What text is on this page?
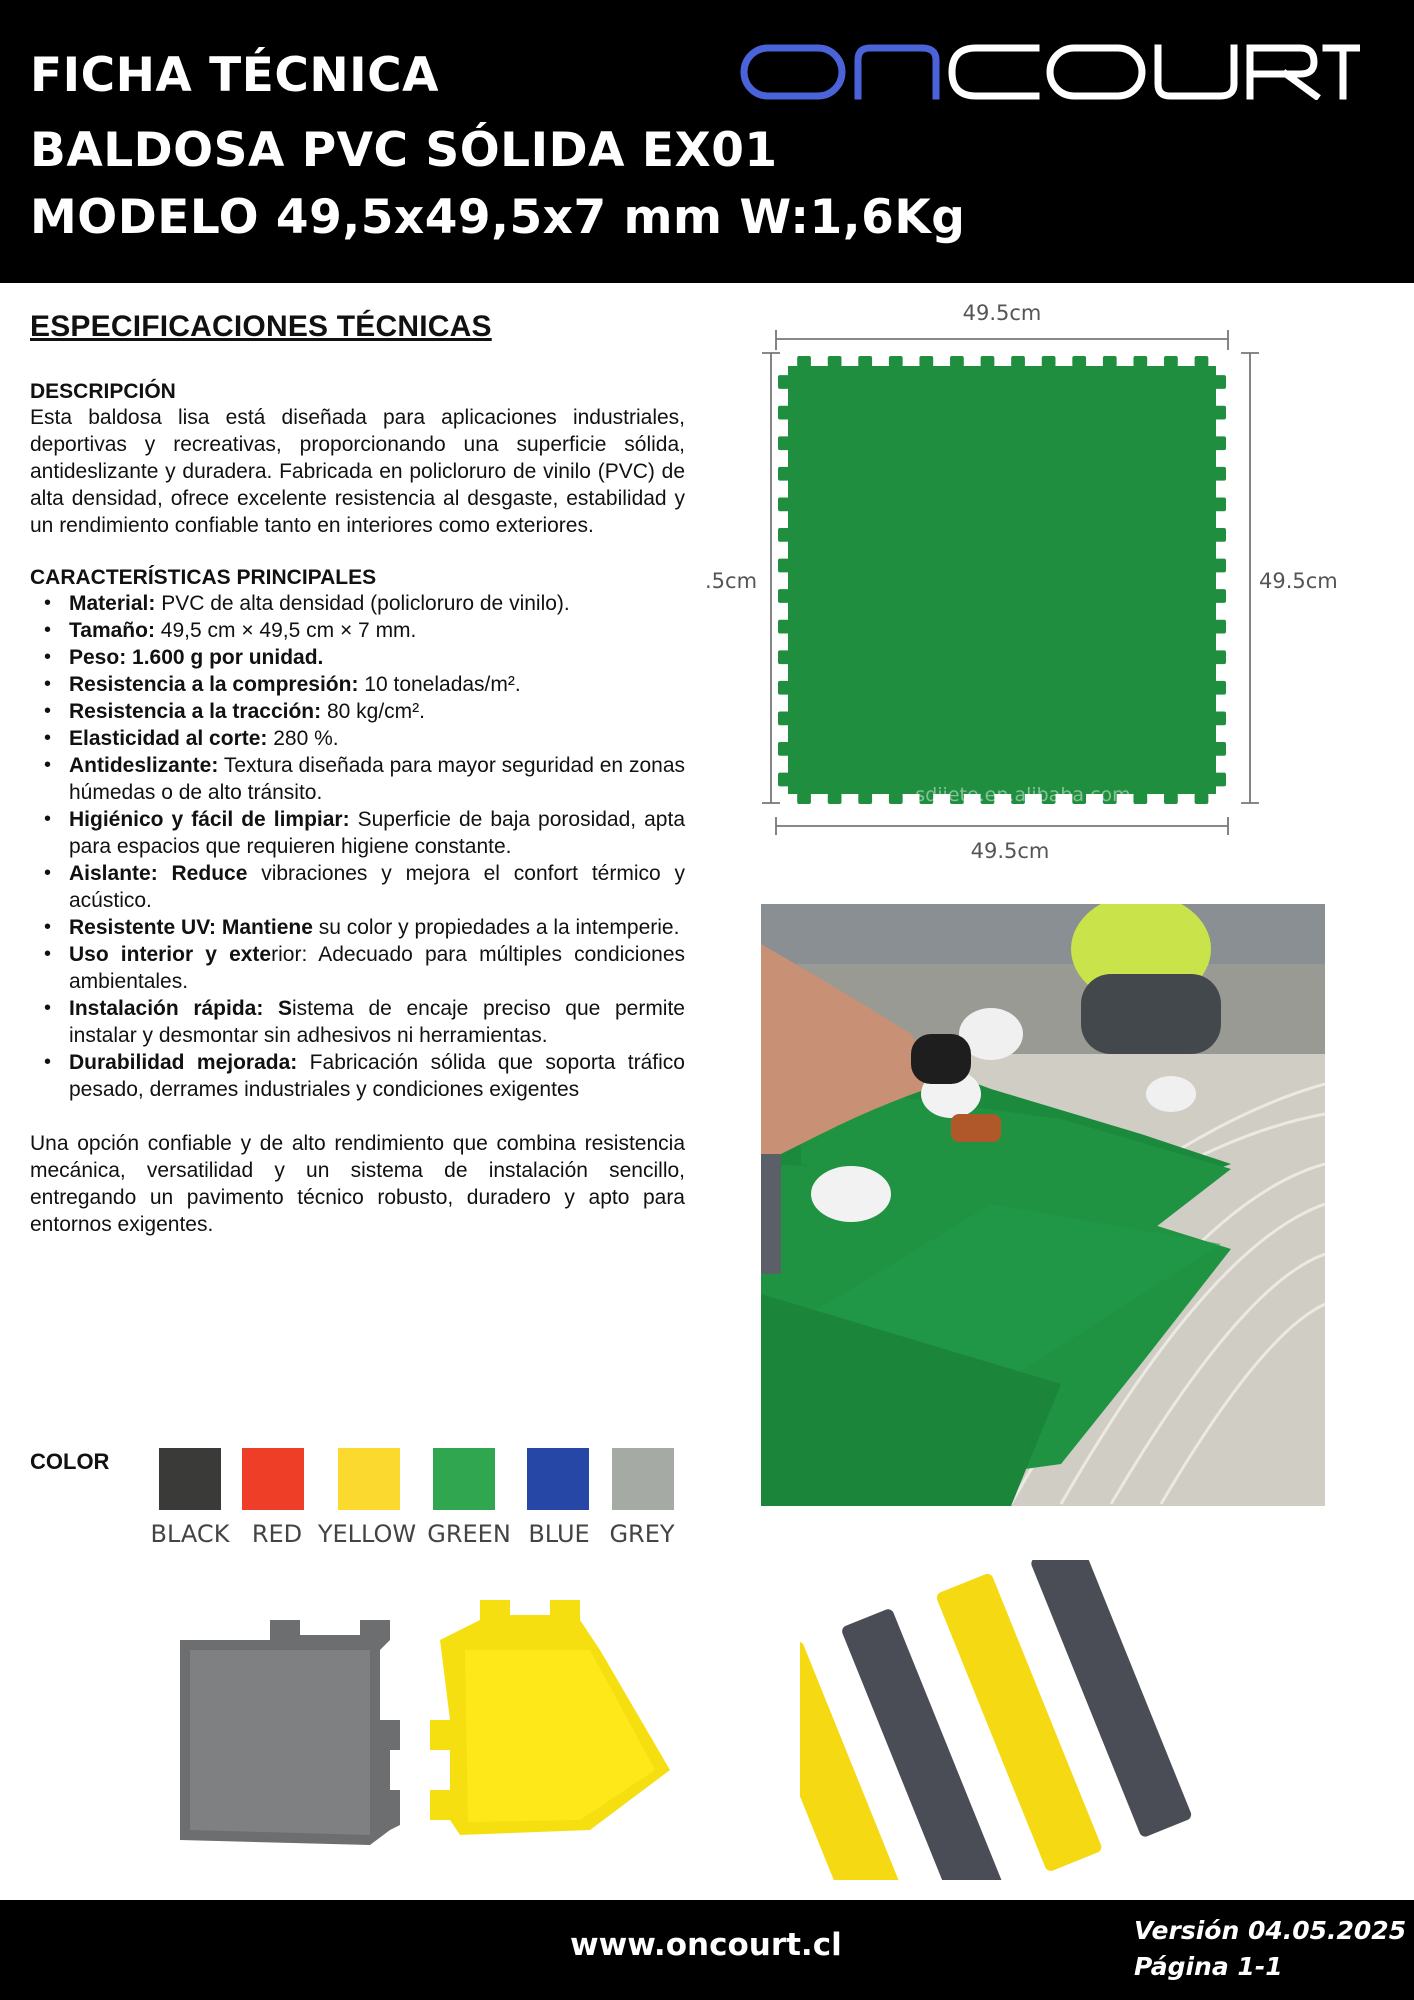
FICHA TÉCNICA
BALDOSA PVC SÓLIDA EX01
MODELO 49,5x49,5x7 mm W:1,6Kg
ESPECIFICACIONES TÉCNICAS
DESCRIPCIÓN
Esta baldosa lisa está diseñada para aplicaciones industriales, deportivas y recreativas, proporcionando una superficie sólida, antideslizante y duradera. Fabricada en policloruro de vinilo (PVC) de alta densidad, ofrece excelente resistencia al desgaste, estabilidad y un rendimiento confiable tanto en interiores como exteriores.
CARACTERÍSTICAS PRINCIPALES
• Material: PVC de alta densidad (policloruro de vinilo).
• Tamaño: 49,5 cm × 49,5 cm × 7 mm.
• Peso: 1.600 g por unidad.
• Resistencia a la compresión: 10 toneladas/m².
• Resistencia a la tracción: 80 kg/cm².
• Elasticidad al corte: 280 %.
• Antideslizante: Textura diseñada para mayor seguridad en zonas húmedas o de alto tránsito.
• Higiénico y fácil de limpiar: Superficie de baja porosidad, apta para espacios que requieren higiene constante.
• Aislante: Reduce vibraciones y mejora el confort térmico y acústico.
• Resistente UV: Mantiene su color y propiedades a la intemperie.
• Uso interior y exterior: Adecuado para múltiples condiciones ambientales.
• Instalación rápida: Sistema de encaje preciso que permite instalar y desmontar sin adhesivos ni herramientas.
• Durabilidad mejorada: Fabricación sólida que soporta tráfico pesado, derrames industriales y condiciones exigentes
Una opción confiable y de alto rendimiento que combina resistencia mecánica, versatilidad y un sistema de instalación sencillo, entregando un pavimento técnico robusto, duradero y apto para entornos exigentes.
COLOR
BLACK RED YELLOW GREEN BLUE GREY
49.5cm
.5cm	49.5cm
49.5cm
sdjiete.en.alibaba.com
www.oncourt.cl	Versión 04.05.2025
Página 1-1
